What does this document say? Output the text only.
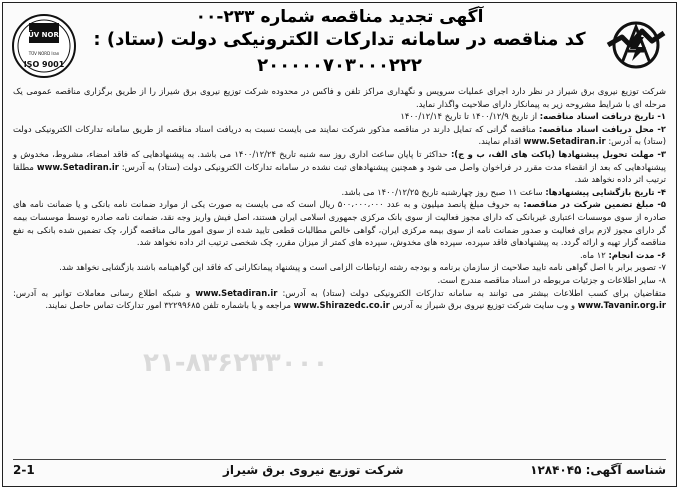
آگهی تجدید مناقصه شماره ۲۳۳-۰۰
کد مناقصه در سامانه تدارکات الکترونیکی دولت (ستاد) :
۲۰۰۰۰۰۷۰۳۰۰۰۲۲۲
TÜV NORD
TÜV NORD Iran
ISO 9001

شرکت توزیع نیروی برق شیراز در نظر دارد اجرای عملیات سرویس و نگهداری مراکز تلفن و فاکس در محدوده شرکت توزیع نیروی برق شیراز را از طریق برگزاری مناقصه عمومی یک مرحله ای با شرایط مشروحه زیر به پیمانکار دارای صلاحیت واگذار نماید.

۱- تاریخ دریافت اسناد مناقصه: از تاریخ ۱۴۰۰/۱۲/۹ تا تاریخ ۱۴۰۰/۱۲/۱۴

۲- محل دریافت اسناد مناقصه: مناقصه گرانی که تمایل دارند در مناقصه مذکور شرکت نمایند می بایست نسبت به دریافت اسناد مناقصه از طریق سامانه تدارکات الکترونیکی دولت (ستاد) به آدرس: www.Setadiran.ir اقدام نمایند.

۳- مهلت تحویل پیشنهادها (پاکت های الف، ب و ج): حداکثر تا پایان ساعت اداری روز سه شنبه تاریخ ۱۴۰۰/۱۲/۲۴ می باشد. به پیشنهادهایی که فاقد امضاء، مشروط، مخدوش و پیشنهادهایی که بعد از انقضاء مدت مقرر در فراخوان واصل می شود و همچنین پیشنهادهای ثبت نشده در سامانه تدارکات الکترونیکی دولت (ستاد) به آدرس: www.Setadiran.ir مطلقا ترتیب اثر داده نخواهد شد.

۴- تاریخ بازگشایی پیشنهادها: ساعت ۱۱ صبح روز چهارشنبه تاریخ ۱۴۰۰/۱۲/۲۵ می باشد.

۵- مبلغ تضمین شرکت در مناقصه: به حروف مبلغ پانصد میلیون و به عدد ۵۰۰،۰۰۰،۰۰۰ ریال است که می بایست به صورت یکی از موارد ضمانت نامه بانکی و یا ضمانت نامه های صادره از سوی موسسات اعتباری غیربانکی که دارای مجوز فعالیت از سوی بانک مرکزی جمهوری اسلامی ایران هستند، اصل فیش واریز وجه نقد، ضمانت نامه صادره توسط موسسات بیمه گر دارای مجوز لازم برای فعالیت و صدور ضمانت نامه از سوی بیمه مرکزی ایران، گواهی خالص مطالبات قطعی تایید شده از سوی امور مالی مناقصه گزار، چک تضمین شده بانکی به نفع مناقصه گزار تهیه و ارائه گردد. به پیشنهادهای فاقد سپرده، سپرده های مخدوش، سپرده های کمتر از میزان مقرر، چک شخصی ترتیب اثر داده نخواهد شد.

۶- مدت انجام: ۱۲ ماه.

۷- تصویر برابر با اصل گواهی نامه تایید صلاحیت از سازمان برنامه و بودجه رشته ارتباطات الزامی است و پیشنهاد پیمانکارانی که فاقد این گواهینامه باشند بازگشایی نخواهد شد.

۸- سایر اطلاعات و جزئیات مربوطه در اسناد مناقصه مندرج است.

متقاضیان برای کسب اطلاعات بیشتر می توانند به سامانه تدارکات الکترونیکی دولت (ستاد) به آدرس: www.Setadiran.ir و شبکه اطلاع رسانی معاملات توانیر به آدرس: www.Tavanir.org.ir و وب سایت شرکت توزیع نیروی برق شیراز به آدرس www.Shirazedc.co.ir مراجعه و یا باشماره تلفن ۳۲۲۹۹۶۸۵ امور تدارکات تماس حاصل نمایند.

۲۱-۸۳۶۲۳۳۰۰۰
شناسه آگهی: ۱۲۸۴۰۴۵
شرکت توزیع نیروی برق شیراز
2-1
